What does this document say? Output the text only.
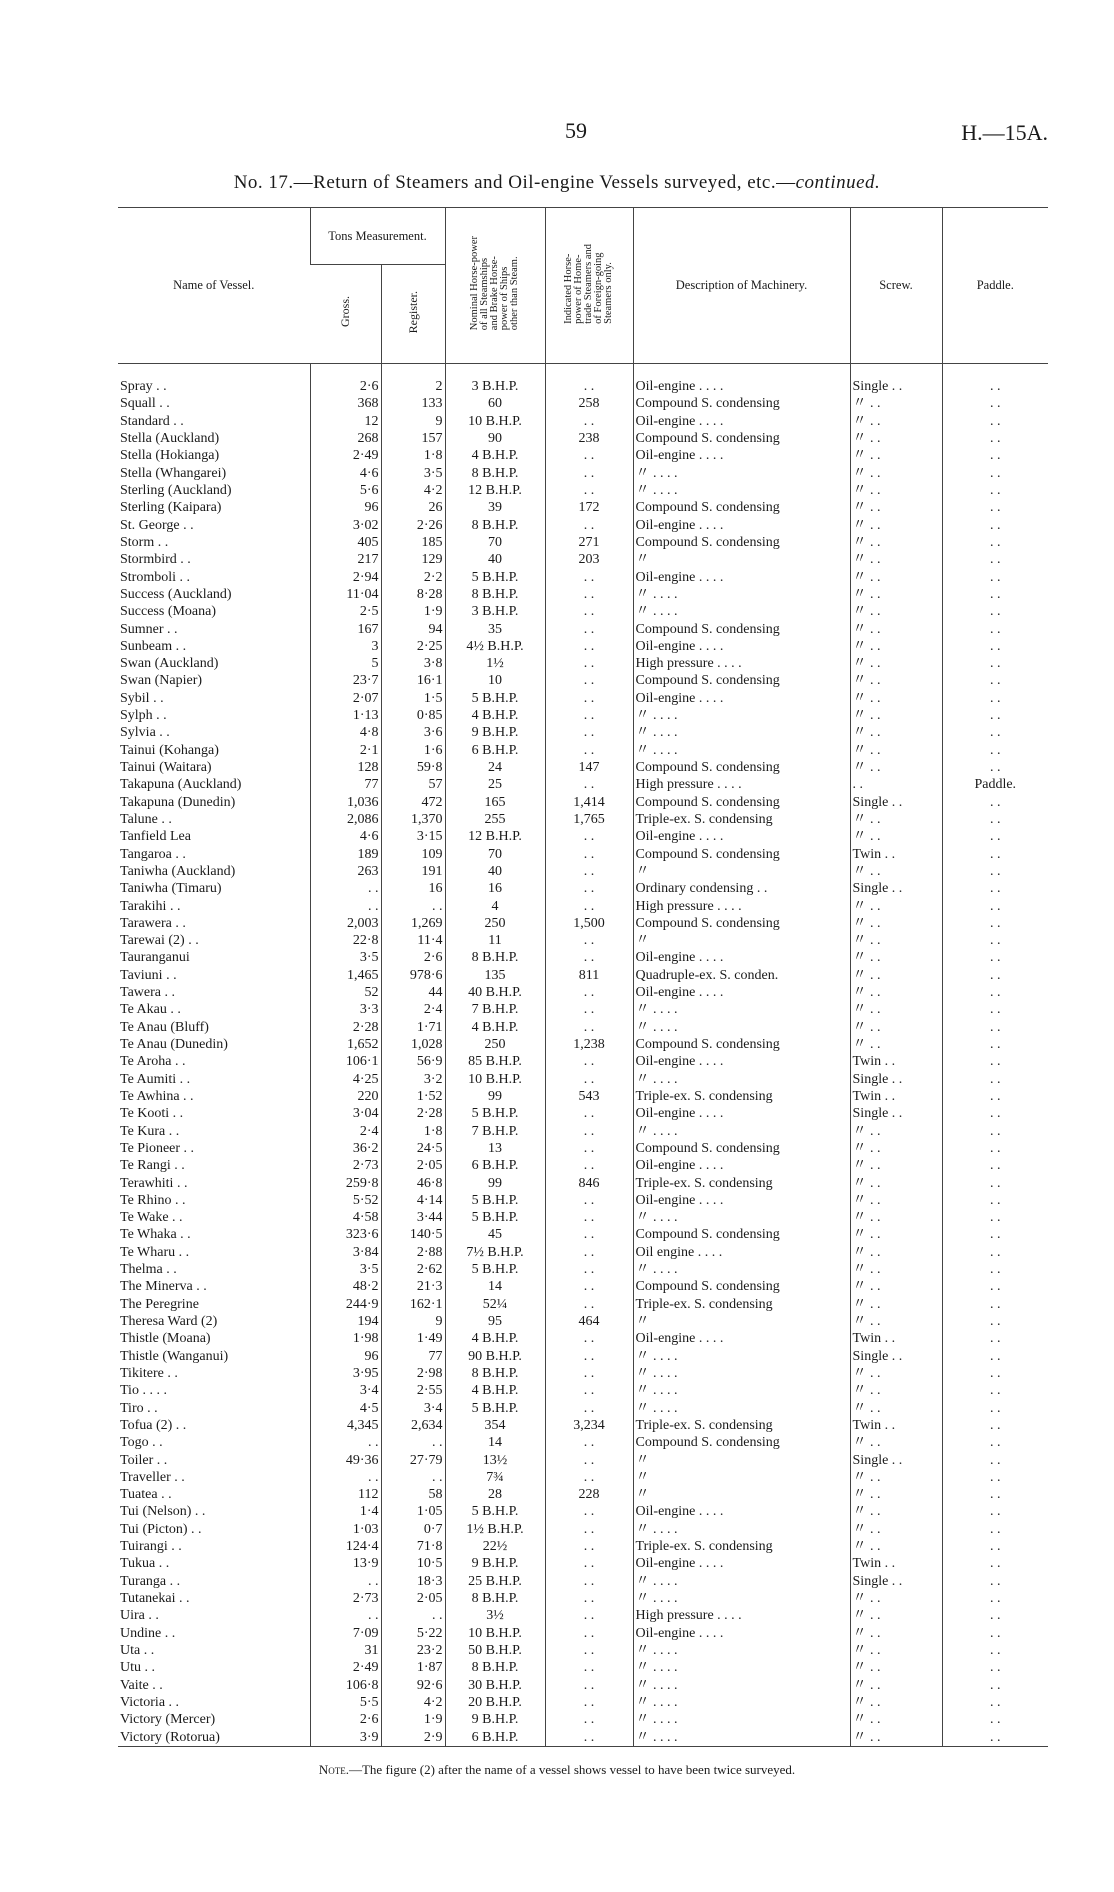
59	H.—15A.
No. 17.—Return of Steamers and Oil-engine Vessels surveyed, etc.—continued.
Name of Vessel.	Tons Measurement.		Nominal Horse-power
of all Steamships
and Brake Horse-
power of Ships
other than Steam.	Indicated Horse-
power of Home-
trade Steamers and
of Foreign-going
Steamers only.	Description of Machinery.	Screw.	Paddle.
	Gross.	Register.					
Spray . .	2·6	2	3 B.H.P.	. .	Oil-engine . . . .	Single . .	. .
Squall . .	368	133	60	258	Compound S. condensing	〃 . .	. .
Standard . .	12	9	10 B.H.P.	. .	Oil-engine . . . .	〃 . .	. .
Stella (Auckland)	268	157	90	238	Compound S. condensing	〃 . .	. .
Stella (Hokianga)	2·49	1·8	4 B.H.P.	. .	Oil-engine . . . .	〃 . .	. .
Stella (Whangarei)	4·6	3·5	8 B.H.P.	. .	〃 . . . .	〃 . .	. .
Sterling (Auckland)	5·6	4·2	12 B.H.P.	. .	〃 . . . .	〃 . .	. .
Sterling (Kaipara)	96	26	39	172	Compound S. condensing	〃 . .	. .
St. George . .	3·02	2·26	8 B.H.P.	. .	Oil-engine . . . .	〃 . .	. .
Storm . .	405	185	70	271	Compound S. condensing	〃 . .	. .
Stormbird . .	217	129	40	203	〃	〃 . .	. .
Stromboli . .	2·94	2·2	5 B.H.P.	. .	Oil-engine . . . .	〃 . .	. .
Success (Auckland)	11·04	8·28	8 B.H.P.	. .	〃 . . . .	〃 . .	. .
Success (Moana)	2·5	1·9	3 B.H.P.	. .	〃 . . . .	〃 . .	. .
Sumner . .	167	94	35	. .	Compound S. condensing	〃 . .	. .
Sunbeam . .	3	2·25	4½ B.H.P.	. .	Oil-engine . . . .	〃 . .	. .
Swan (Auckland)	5	3·8	1½	. .	High pressure . . . .	〃 . .	. .
Swan (Napier)	23·7	16·1	10	. .	Compound S. condensing	〃 . .	. .
Sybil . .	2·07	1·5	5 B.H.P.	. .	Oil-engine . . . .	〃 . .	. .
Sylph . .	1·13	0·85	4 B.H.P.	. .	〃 . . . .	〃 . .	. .
Sylvia . .	4·8	3·6	9 B.H.P.	. .	〃 . . . .	〃 . .	. .
Tainui (Kohanga)	2·1	1·6	6 B.H.P.	. .	〃 . . . .	〃 . .	. .
Tainui (Waitara)	128	59·8	24	147	Compound S. condensing	〃 . .	. .
Takapuna (Auckland)	77	57	25	. .	High pressure . . . .	. .	Paddle.
Takapuna (Dunedin)	1,036	472	165	1,414	Compound S. condensing	Single . .	. .
Talune . .	2,086	1,370	255	1,765	Triple-ex. S. condensing	〃 . .	. .
Tanfield Lea	4·6	3·15	12 B.H.P.	. .	Oil-engine . . . .	〃 . .	. .
Tangaroa . .	189	109	70	. .	Compound S. condensing	Twin . .	. .
Taniwha (Auckland)	263	191	40	. .	〃	〃 . .	. .
Taniwha (Timaru)	. .	16	16	. .	Ordinary condensing . .	Single . .	. .
Tarakihi . .	. .	. .	4	. .	High pressure . . . .	〃 . .	. .
Tarawera . .	2,003	1,269	250	1,500	Compound S. condensing	〃 . .	. .
Tarewai (2) . .	22·8	11·4	11	. .	〃	〃 . .	. .
Tauranganui	3·5	2·6	8 B.H.P.	. .	Oil-engine . . . .	〃 . .	. .
Taviuni . .	1,465	978·6	135	811	Quadruple-ex. S. conden.	〃 . .	. .
Tawera . .	52	44	40 B.H.P.	. .	Oil-engine . . . .	〃 . .	. .
Te Akau . .	3·3	2·4	7 B.H.P.	. .	〃 . . . .	〃 . .	. .
Te Anau (Bluff)	2·28	1·71	4 B.H.P.	. .	〃 . . . .	〃 . .	. .
Te Anau (Dunedin)	1,652	1,028	250	1,238	Compound S. condensing	〃 . .	. .
Te Aroha . .	106·1	56·9	85 B.H.P.	. .	Oil-engine . . . .	Twin . .	. .
Te Aumiti . .	4·25	3·2	10 B.H.P.	. .	〃 . . . .	Single . .	. .
Te Awhina . .	220	1·52	99	543	Triple-ex. S. condensing	Twin . .	. .
Te Kooti . .	3·04	2·28	5 B.H.P.	. .	Oil-engine . . . .	Single . .	. .
Te Kura . .	2·4	1·8	7 B.H.P.	. .	〃 . . . .	〃 . .	. .
Te Pioneer . .	36·2	24·5	13	. .	Compound S. condensing	〃 . .	. .
Te Rangi . .	2·73	2·05	6 B.H.P.	. .	Oil-engine . . . .	〃 . .	. .
Terawhiti . .	259·8	46·8	99	846	Triple-ex. S. condensing	〃 . .	. .
Te Rhino . .	5·52	4·14	5 B.H.P.	. .	Oil-engine . . . .	〃 . .	. .
Te Wake . .	4·58	3·44	5 B.H.P.	. .	〃 . . . .	〃 . .	. .
Te Whaka . .	323·6	140·5	45	. .	Compound S. condensing	〃 . .	. .
Te Wharu . .	3·84	2·88	7½ B.H.P.	. .	Oil engine . . . .	〃 . .	. .
Thelma . .	3·5	2·62	5 B.H.P.	. .	〃 . . . .	〃 . .	. .
The Minerva . .	48·2	21·3	14	. .	Compound S. condensing	〃 . .	. .
The Peregrine	244·9	162·1	52¼	. .	Triple-ex. S. condensing	〃 . .	. .
Theresa Ward (2)	194	9	95	464	〃	〃 . .	. .
Thistle (Moana)	1·98	1·49	4 B.H.P.	. .	Oil-engine . . . .	Twin . .	. .
Thistle (Wanganui)	96	77	90 B.H.P.	. .	〃 . . . .	Single . .	. .
Tikitere . .	3·95	2·98	8 B.H.P.	. .	〃 . . . .	〃 . .	. .
Tio . . . .	3·4	2·55	4 B.H.P.	. .	〃 . . . .	〃 . .	. .
Tiro . .	4·5	3·4	5 B.H.P.	. .	〃 . . . .	〃 . .	. .
Tofua (2) . .	4,345	2,634	354	3,234	Triple-ex. S. condensing	Twin . .	. .
Togo . .	. .	. .	14	. .	Compound S. condensing	〃 . .	. .
Toiler . .	49·36	27·79	13½	. .	〃	Single . .	. .
Traveller . .	. .	. .	7¾	. .	〃	〃 . .	. .
Tuatea . .	112	58	28	228	〃	〃 . .	. .
Tui (Nelson) . .	1·4	1·05	5 B.H.P.	. .	Oil-engine . . . .	〃 . .	. .
Tui (Picton) . .	1·03	0·7	1½ B.H.P.	. .	〃 . . . .	〃 . .	. .
Tuirangi . .	124·4	71·8	22½	. .	Triple-ex. S. condensing	〃 . .	. .
Tukua . .	13·9	10·5	9 B.H.P.	. .	Oil-engine . . . .	Twin . .	. .
Turanga . .	. .	18·3	25 B.H.P.	. .	〃 . . . .	Single . .	. .
Tutanekai . .	2·73	2·05	8 B.H.P.	. .	〃 . . . .	〃 . .	. .
Uira . .	. .	. .	3½	. .	High pressure . . . .	〃 . .	. .
Undine . .	7·09	5·22	10 B.H.P.	. .	Oil-engine . . . .	〃 . .	. .
Uta . .	31	23·2	50 B.H.P.	. .	〃 . . . .	〃 . .	. .
Utu . .	2·49	1·87	8 B.H.P.	. .	〃 . . . .	〃 . .	. .
Vaite . .	106·8	92·6	30 B.H.P.	. .	〃 . . . .	〃 . .	. .
Victoria . .	5·5	4·2	20 B.H.P.	. .	〃 . . . .	〃 . .	. .
Victory (Mercer)	2·6	1·9	9 B.H.P.	. .	〃 . . . .	〃 . .	. .
Victory (Rotorua)	3·9	2·9	6 B.H.P.	. .	〃 . . . .	〃 . .	. .
Note.—The figure (2) after the name of a vessel shows vessel to have been twice surveyed.
